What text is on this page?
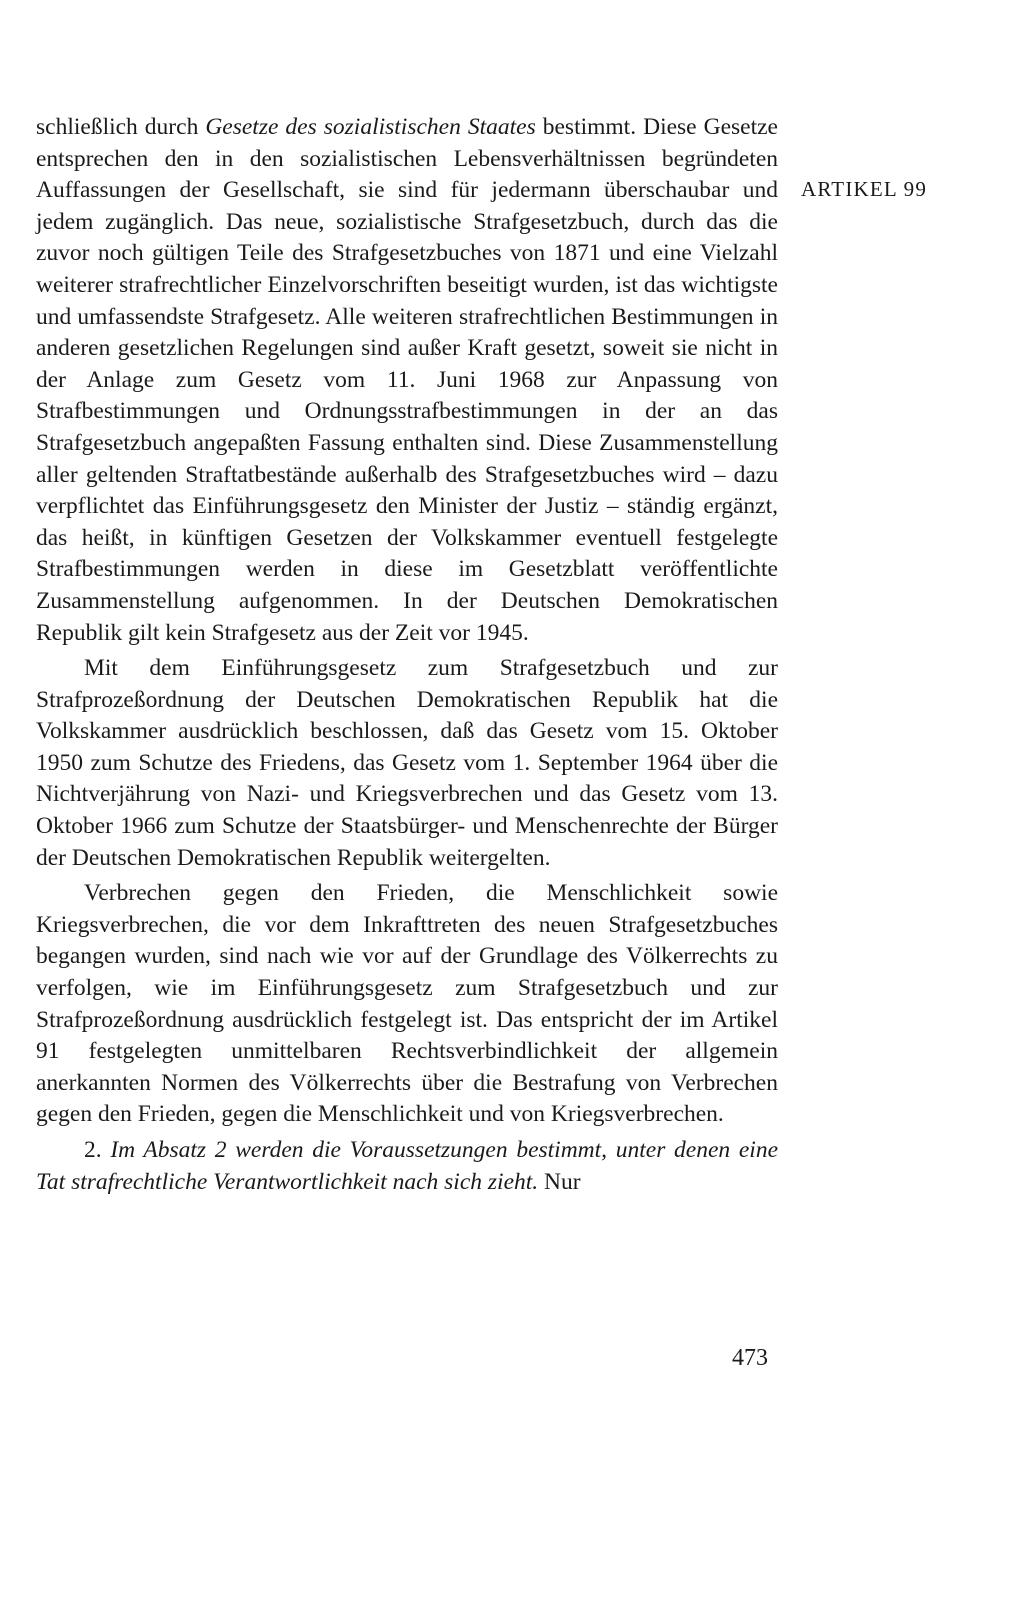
schließlich durch Gesetze des sozialistischen Staates bestimmt. Diese Gesetze entsprechen den in den sozialistischen Lebensverhältnissen begründeten Auffassungen der Gesellschaft, sie sind für jedermann überschaubar und jedem zugänglich. Das neue, sozialistische Strafgesetzbuch, durch das die zuvor noch gültigen Teile des Strafgesetzbuches von 1871 und eine Vielzahl weiterer strafrechtlicher Einzelvorschriften beseitigt wurden, ist das wichtigste und umfassendste Strafgesetz. Alle weiteren strafrechtlichen Bestimmungen in anderen gesetzlichen Regelungen sind außer Kraft gesetzt, soweit sie nicht in der Anlage zum Gesetz vom 11. Juni 1968 zur Anpassung von Strafbestimmungen und Ordnungsstrafbestimmungen in der an das Strafgesetzbuch angepaßten Fassung enthalten sind. Diese Zusammenstellung aller geltenden Straftatbestände außerhalb des Strafgesetzbuches wird – dazu verpflichtet das Einführungsgesetz den Minister der Justiz – ständig ergänzt, das heißt, in künftigen Gesetzen der Volkskammer eventuell festgelegte Strafbestimmungen werden in diese im Gesetzblatt veröffentlichte Zusammenstellung aufgenommen. In der Deutschen Demokratischen Republik gilt kein Strafgesetz aus der Zeit vor 1945.

Mit dem Einführungsgesetz zum Strafgesetzbuch und zur Strafprozeßordnung der Deutschen Demokratischen Republik hat die Volkskammer ausdrücklich beschlossen, daß das Gesetz vom 15. Oktober 1950 zum Schutze des Friedens, das Gesetz vom 1. September 1964 über die Nichtverjährung von Nazi- und Kriegsverbrechen und das Gesetz vom 13. Oktober 1966 zum Schutze der Staatsbürger- und Menschenrechte der Bürger der Deutschen Demokratischen Republik weitergelten.

Verbrechen gegen den Frieden, die Menschlichkeit sowie Kriegsverbrechen, die vor dem Inkrafttreten des neuen Strafgesetzbuches begangen wurden, sind nach wie vor auf der Grundlage des Völkerrechts zu verfolgen, wie im Einführungsgesetz zum Strafgesetzbuch und zur Strafprozeßordnung ausdrücklich festgelegt ist. Das entspricht der im Artikel 91 festgelegten unmittelbaren Rechtsverbindlichkeit der allgemein anerkannten Normen des Völkerrechts über die Bestrafung von Verbrechen gegen den Frieden, gegen die Menschlichkeit und von Kriegsverbrechen.

2. Im Absatz 2 werden die Voraussetzungen bestimmt, unter denen eine Tat strafrechtliche Verantwortlichkeit nach sich zieht. Nur

ARTIKEL 99
473
